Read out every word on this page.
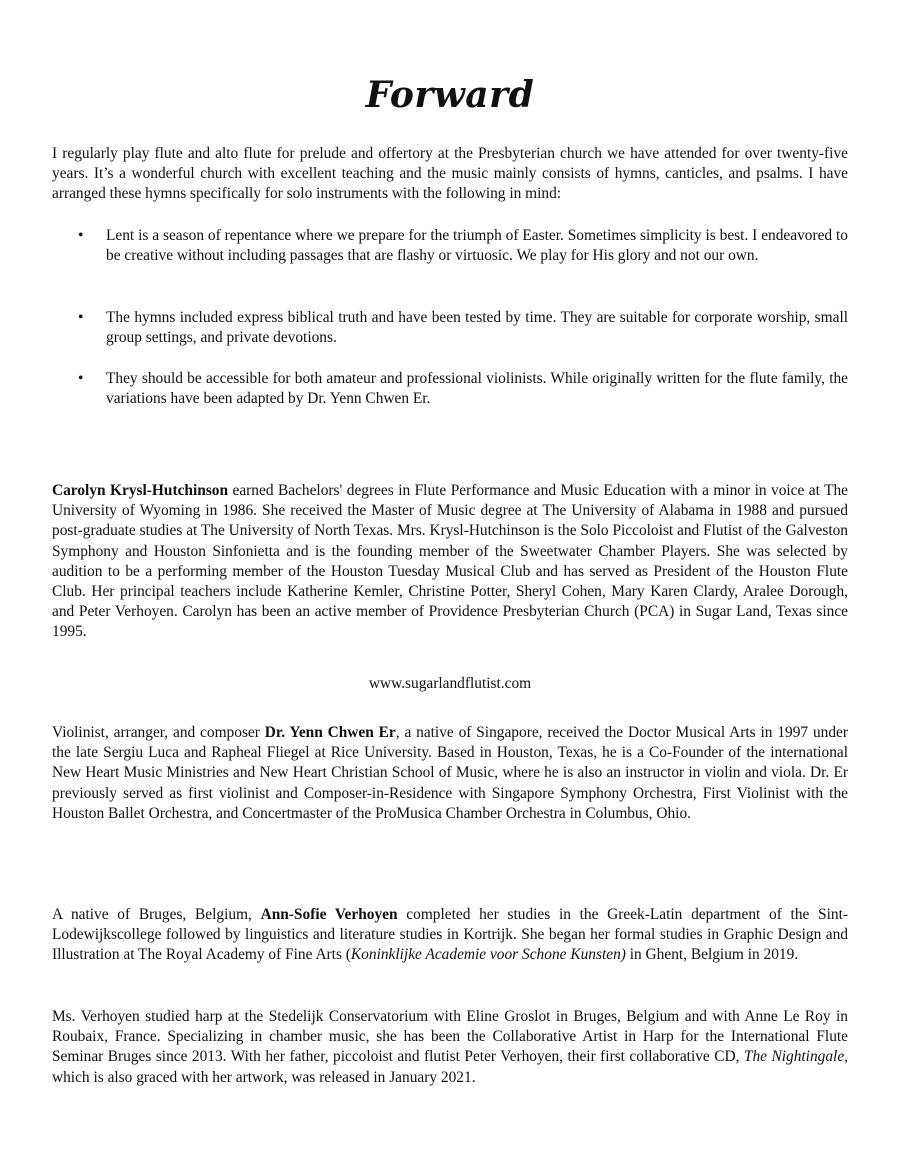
Forward

I regularly play flute and alto flute for prelude and offertory at the Presbyterian church we have attended for over twenty-five years. It’s a wonderful church with excellent teaching and the music mainly consists of hymns, canticles, and psalms. I have arranged these hymns specifically for solo instruments with the following in mind:

•	Lent is a season of repentance where we prepare for the triumph of Easter. Sometimes simplicity is best. I endeavored to be creative without including passages that are flashy or virtuosic. We play for His glory and not our own.
•	The hymns included express biblical truth and have been tested by time. They are suitable for corporate worship, small group settings, and private devotions.
•	They should be accessible for both amateur and professional violinists. While originally written for the flute family, the variations have been adapted by Dr. Yenn Chwen Er.

Carolyn Krysl-Hutchinson earned Bachelors' degrees in Flute Performance and Music Education with a minor in voice at The University of Wyoming in 1986. She received the Master of Music degree at The University of Alabama in 1988 and pursued post-graduate studies at The University of North Texas. Mrs. Krysl-Hutchinson is the Solo Piccoloist and Flutist of the Galveston Symphony and Houston Sinfonietta and is the founding member of the Sweetwater Chamber Players. She was selected by audition to be a performing member of the Houston Tuesday Musical Club and has served as President of the Houston Flute Club. Her principal teachers include Katherine Kemler, Christine Potter, Sheryl Cohen, Mary Karen Clardy, Aralee Dorough, and Peter Verhoyen. Carolyn has been an active member of Providence Presbyterian Church (PCA) in Sugar Land, Texas since 1995.

www.sugarlandflutist.com

Violinist, arranger, and composer Dr. Yenn Chwen Er, a native of Singapore, received the Doctor Musical Arts in 1997 under the late Sergiu Luca and Rapheal Fliegel at Rice University. Based in Houston, Texas, he is a Co-Founder of the international New Heart Music Ministries and New Heart Christian School of Music, where he is also an instructor in violin and viola. Dr. Er previously served as first violinist and Composer-in-Residence with Singapore Symphony Orchestra, First Violinist with the Houston Ballet Orchestra, and Concertmaster of the ProMusica Chamber Orchestra in Columbus, Ohio.

A native of Bruges, Belgium, Ann-Sofie Verhoyen completed her studies in the Greek-Latin department of the Sint-Lodewijkscollege followed by linguistics and literature studies in Kortrijk. She began her formal studies in Graphic Design and Illustration at The Royal Academy of Fine Arts (Koninklijke Academie voor Schone Kunsten) in Ghent, Belgium in 2019.

Ms. Verhoyen studied harp at the Stedelijk Conservatorium with Eline Groslot in Bruges, Belgium and with Anne Le Roy in Roubaix, France. Specializing in chamber music, she has been the Collaborative Artist in Harp for the International Flute Seminar Bruges since 2013. With her father, piccoloist and flutist Peter Verhoyen, their first collaborative CD, The Nightingale, which is also graced with her artwork, was released in January 2021.
